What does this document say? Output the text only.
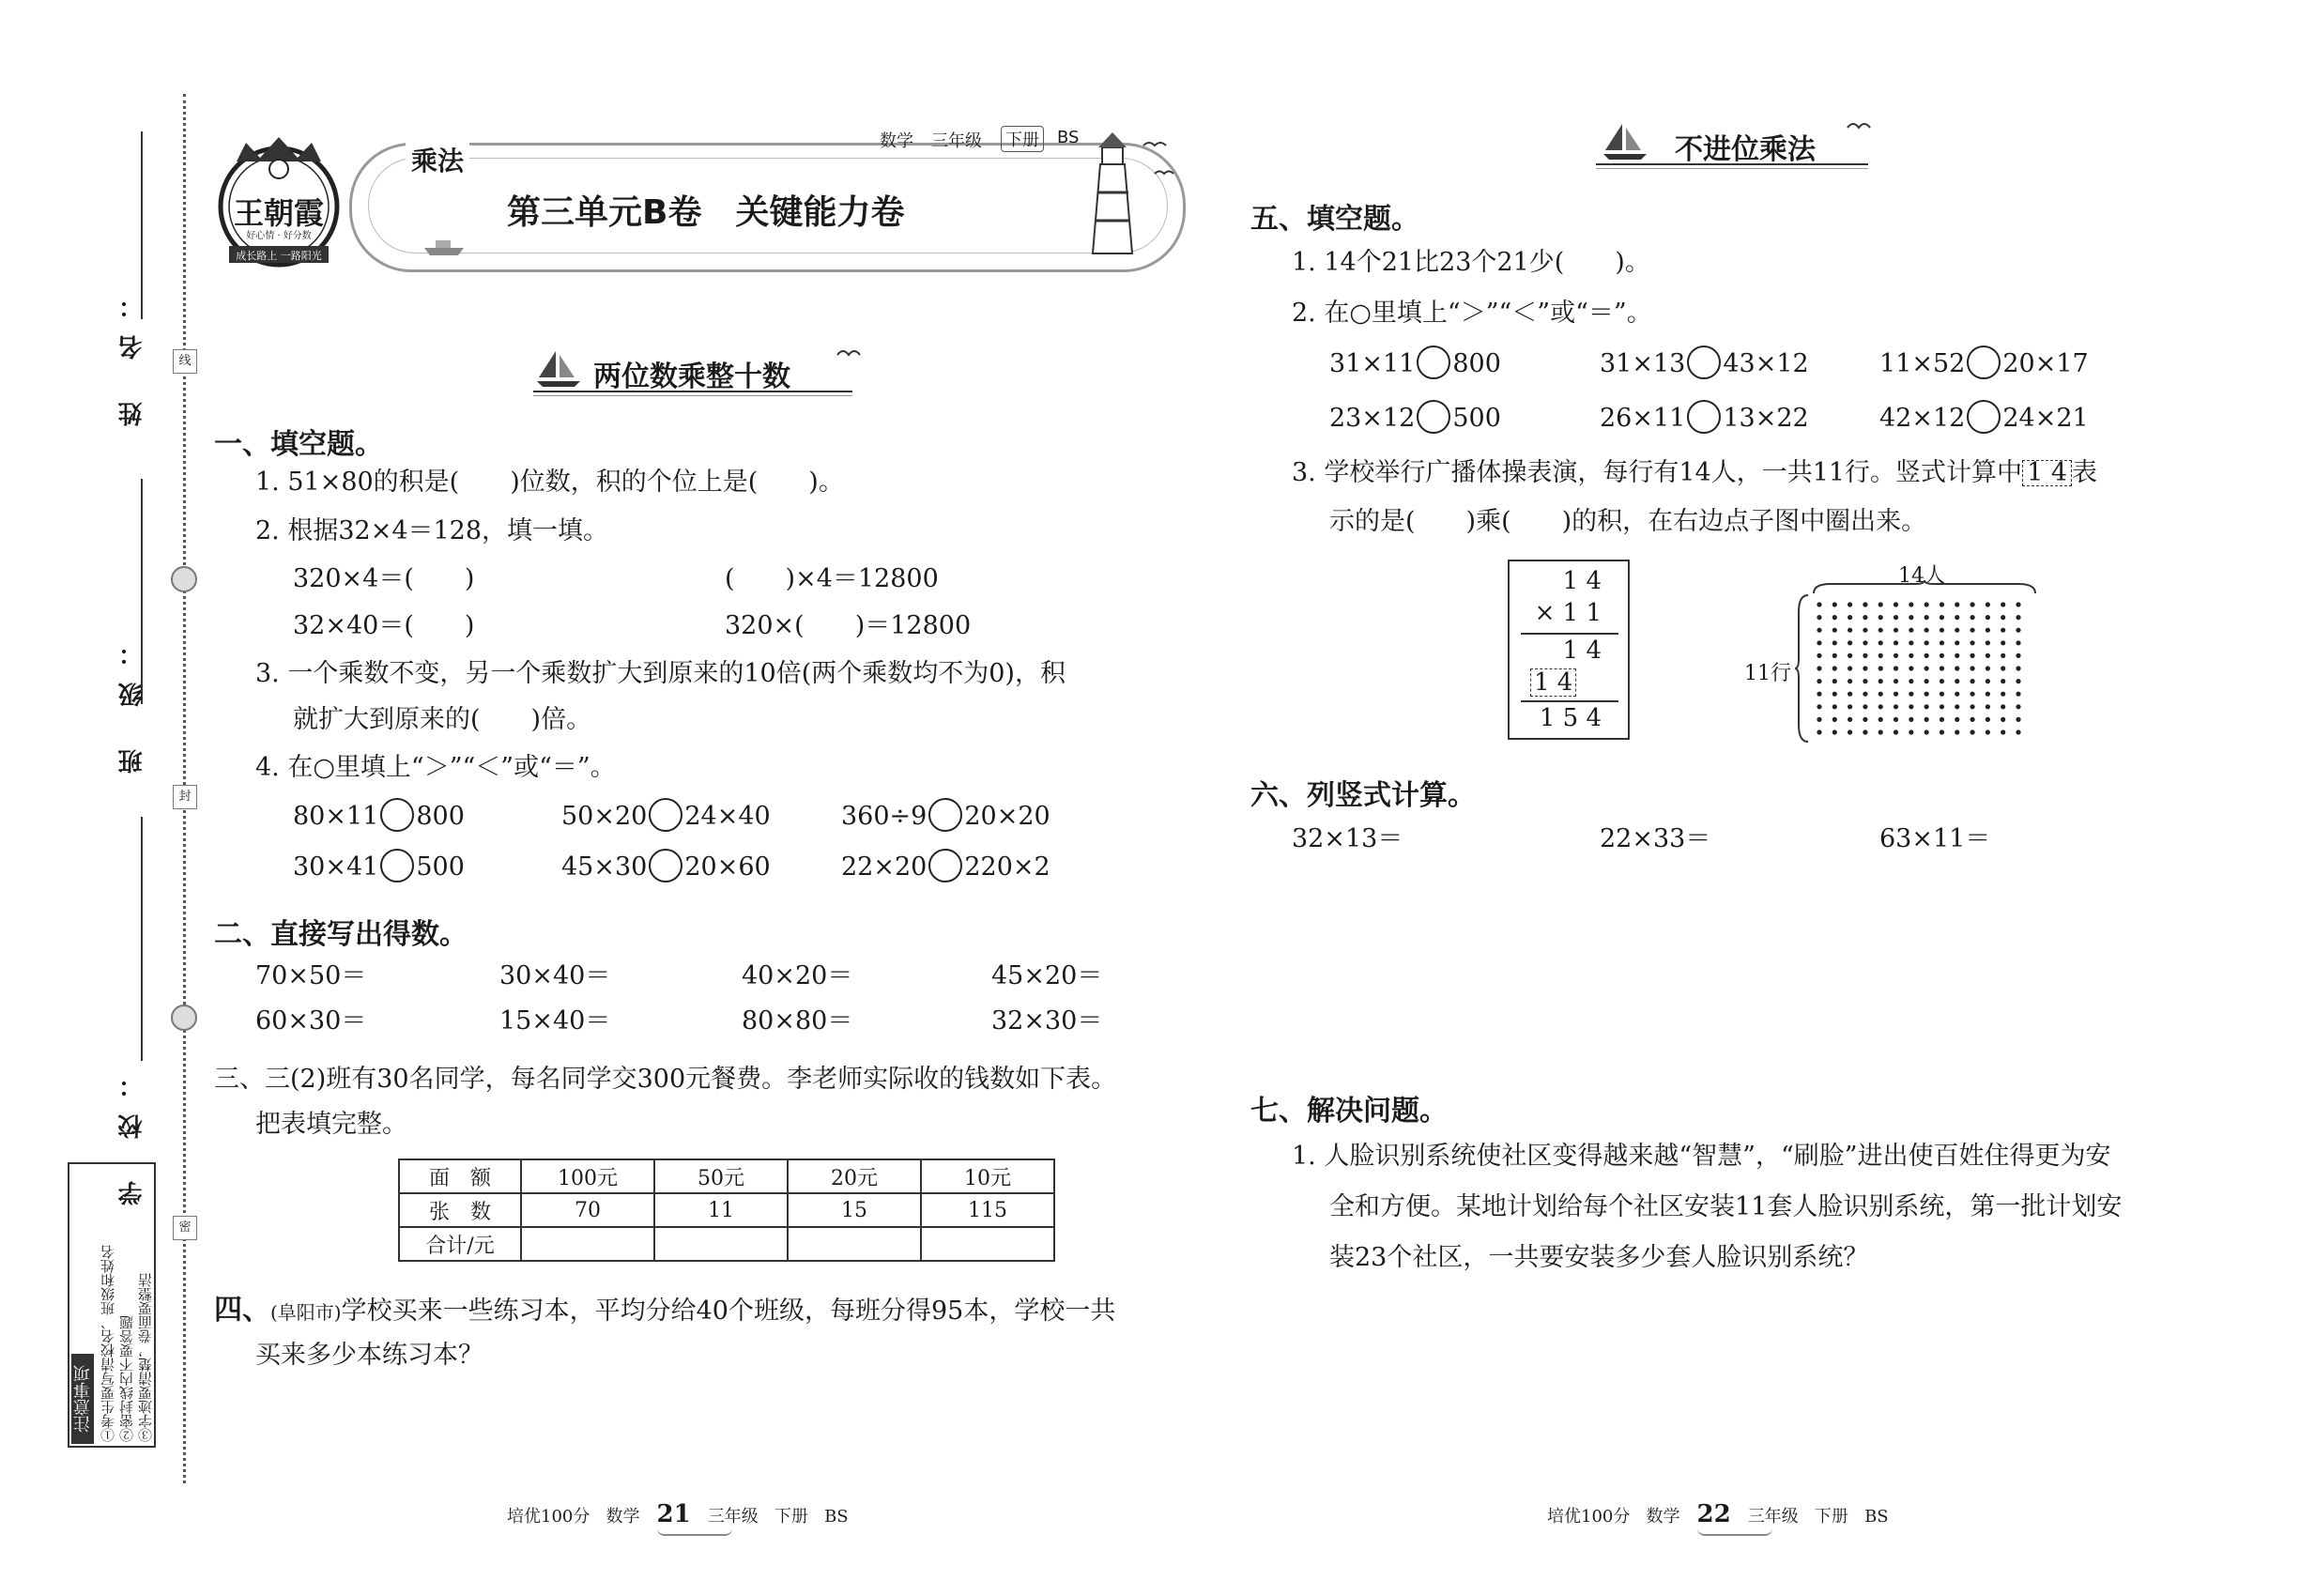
线
封
密
姓 名：
班 级：
学 校：
注意事项 ①考生要写清校名、班级和姓名 ②密封线内不要答题 ③字迹要清楚，卷面要整洁
王朝霞
好心情 · 好分数
成长路上 一路阳光
乘法
数学 三年级 下册 BS
第三单元B卷　关键能力卷
两位数乘整十数
一、填空题。
1. 51×80的积是(　　)位数，积的个位上是(　　)。
2. 根据32×4＝128，填一填。
320×4＝(　　)	(　　)×4＝12800
32×40＝(　　)	320×(　　)＝12800
3. 一个乘数不变，另一个乘数扩大到原来的10倍(两个乘数均不为0)，积
就扩大到原来的(　　)倍。
4. 在○里填上“＞”“＜”或“＝”。
80×11 800	50×20 24×40	360÷9 20×20
30×41 500	45×30 20×60	22×20 220×2
二、直接写出得数。
70×50＝	30×40＝	40×20＝	45×20＝
60×30＝	15×40＝	80×80＝	32×30＝
三、三(2)班有30名同学，每名同学交300元餐费。李老师实际收的钱数如下表。
把表填完整。
面　额	100元	50元	20元	10元
张　数	70	11	15	115
合计/元				
四、(阜阳市)学校买来一些练习本，平均分给40个班级，每班分得95本，学校一共
买来多少本练习本？
不进位乘法
五、填空题。
1. 14个21比23个21少(　　)。
2. 在○里填上“＞”“＜”或“＝”。
31×11 800	31×13 43×12	11×52 20×17
23×12 500	26×11 13×22	42×12 24×21
3. 学校举行广播体操表演，每行有14人，一共11行。竖式计算中 1 4 表
示的是(　　)乘(　　)的积，在右边点子图中圈出来。
1 4
× 1 1
1 4
1 4
1 5 4
14人
11行
六、列竖式计算。
32×13＝	22×33＝	63×11＝
七、解决问题。
1. 人脸识别系统使社区变得越来越“智慧”，“刷脸”进出使百姓住得更为安
全和方便。某地计划给每个社区安装11套人脸识别系统，第一批计划安
装23个社区，一共要安装多少套人脸识别系统？
培优100分 数学 21 三年级 下册 BS	培优100分 数学 22 三年级 下册 BS
